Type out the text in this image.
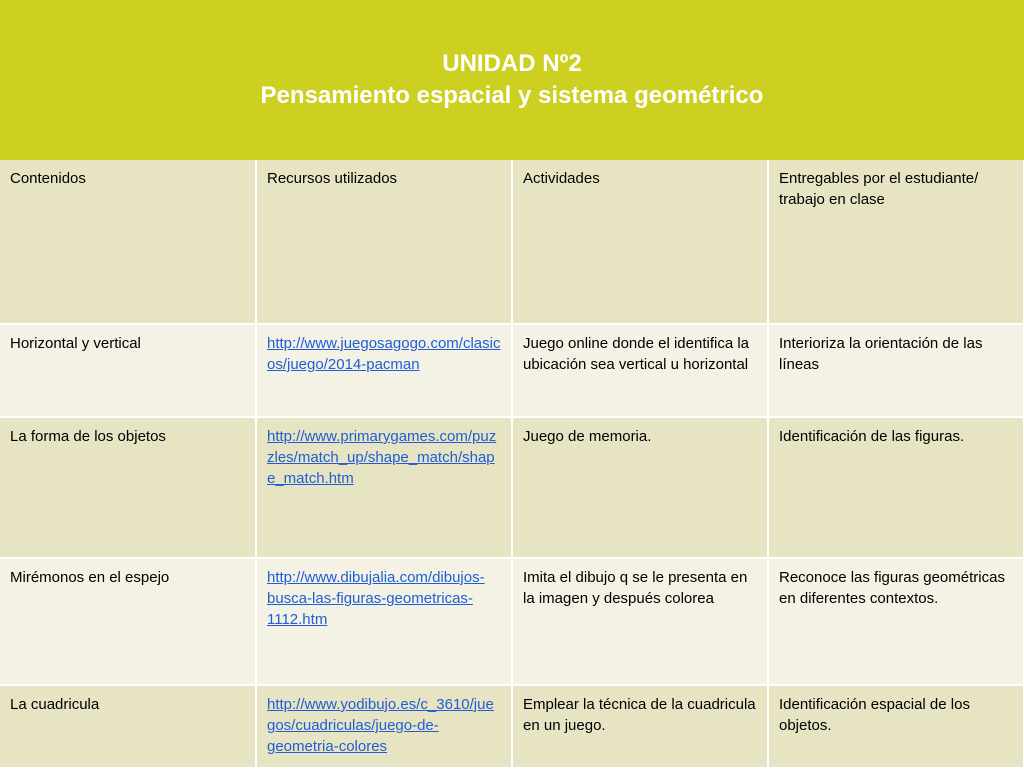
UNIDAD Nº2
Pensamiento espacial y sistema geométrico
Contenidos	Recursos utilizados	Actividades	Entregables por el estudiante/ trabajo en clase
Horizontal y vertical	http://www.juegosagogo.com/clasicos/juego/2014-pacman	Juego online donde el identifica la ubicación sea vertical u horizontal	Interioriza la orientación de las líneas
La forma de los objetos	http://www.primarygames.com/puzzles/match_up/shape_match/shape_match.htm	Juego de memoria.	Identificación de las figuras.
Mirémonos en el espejo	http://www.dibujalia.com/dibujos-busca-las-figuras-geometricas-1112.htm	Imita el dibujo q se le presenta en la imagen y después colorea	Reconoce las figuras geométricas en diferentes contextos.
La cuadricula	http://www.yodibujo.es/c_3610/juegos/cuadriculas/juego-de-geometria-colores	Emplear la técnica de la cuadricula en un juego.	Identificación espacial de los objetos.
